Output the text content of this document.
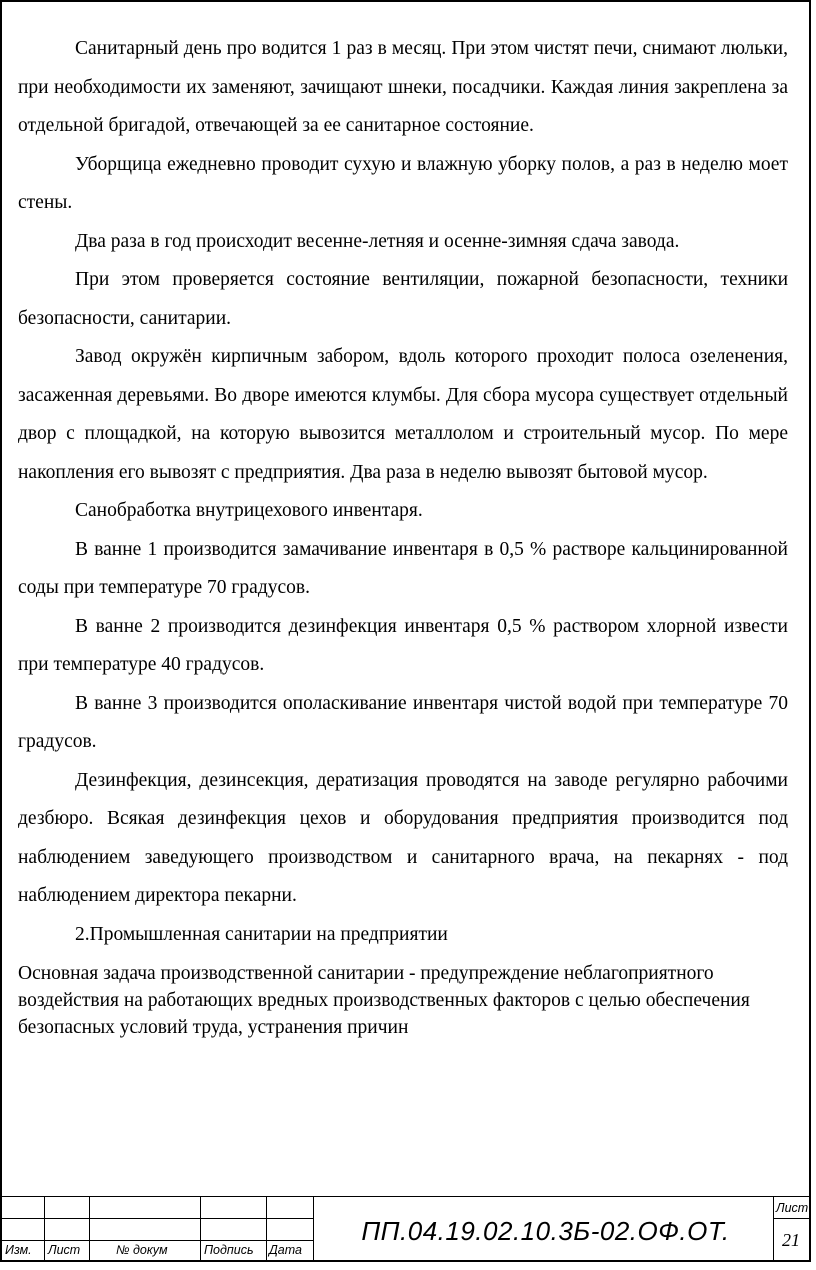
Санитарный день про водится 1 раз в месяц. При этом чистят печи, снимают люльки, при необходимости их заменяют, зачищают шнеки, посадчики. Каждая линия закреплена за отдельной бригадой, отвечающей за ее санитарное состояние.

Уборщица ежедневно проводит сухую и влажную уборку полов, а раз в неделю моет стены.

Два раза в год происходит весенне-летняя и осенне-зимняя сдача завода.

При этом проверяется состояние вентиляции, пожарной безопасности, техники безопасности, санитарии.

Завод окружён кирпичным забором, вдоль которого проходит полоса озеленения, засаженная деревьями. Во дворе имеются клумбы. Для сбора мусора существует отдельный двор с площадкой, на которую вывозится металлолом и строительный мусор. По мере накопления его вывозят с предприятия. Два раза в неделю вывозят бытовой мусор.

Санобработка внутрицехового инвентаря.

В ванне 1 производится замачивание инвентаря в 0,5 % растворе кальцинированной соды при температуре 70 градусов.

В ванне 2 производится дезинфекция инвентаря 0,5 % раствором хлорной извести при температуре 40 градусов.

В ванне 3 производится ополаскивание инвентаря чистой водой при температуре 70 градусов.

Дезинфекция, дезинсекция, дератизация проводятся на заводе регулярно рабочими дезбюро. Всякая дезинфекция цехов и оборудования предприятия производится под наблюдением заведующего производством и санитарного врача, на пекарнях - под наблюдением директора пекарни.

2.Промышленная санитарии на предприятии

Основная задача производственной санитарии - предупреждение неблагоприятного воздействия на работающих вредных производственных факторов с целью обеспечения безопасных условий труда, устранения причин

Изм. Лист	№ докум	Подпись Дата
ПП.04.19.02.10.3Б-02.ОФ.ОТ.
Лист
21
